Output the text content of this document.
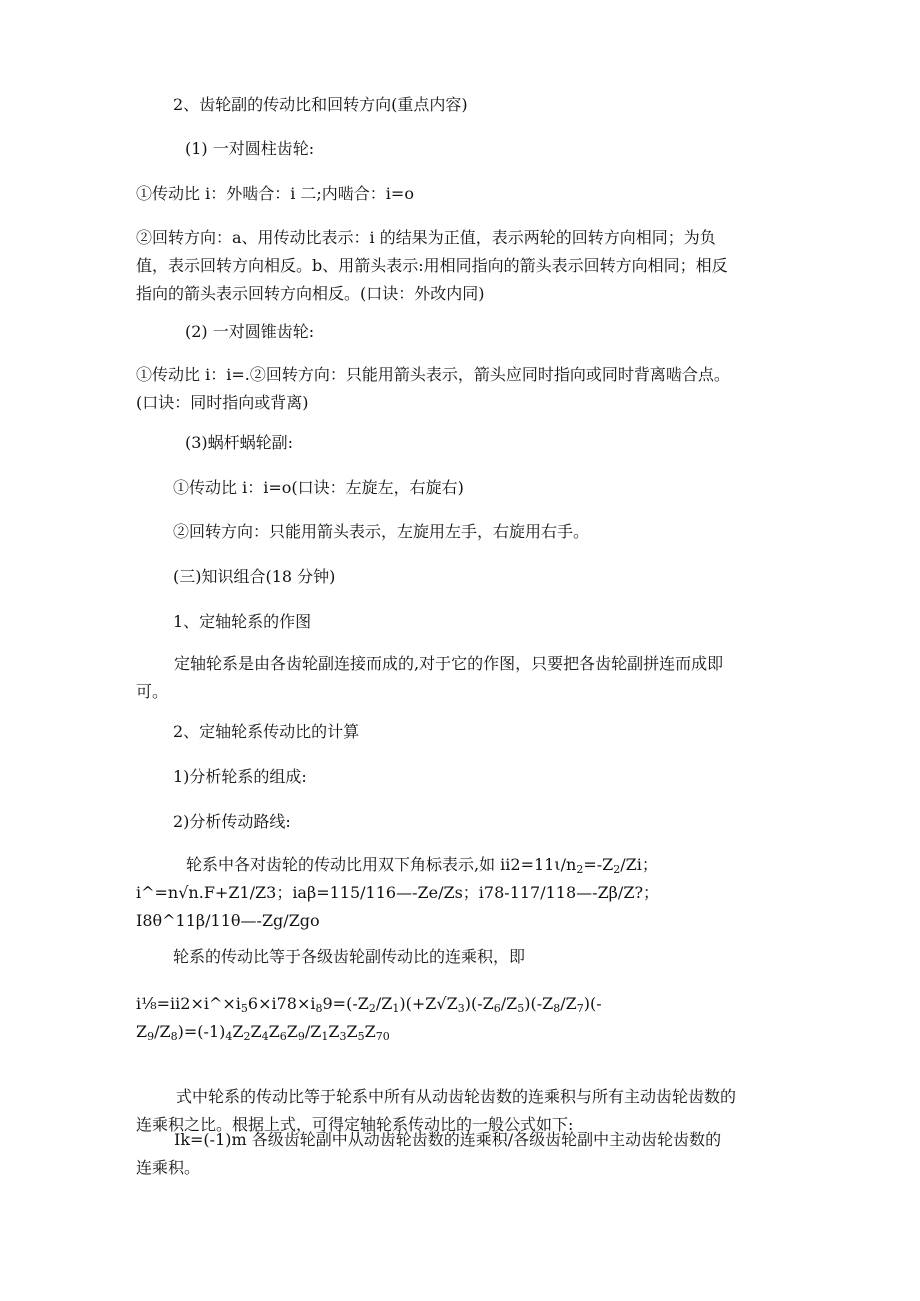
2、齿轮副的传动比和回转方向(重点内容)
(1) 一对圆柱齿轮:
①传动比 i：外啮合：i 二;内啮合：i=o
②回转方向：a、用传动比表示：i 的结果为正值，表示两轮的回转方向相同；为负
值，表示回转方向相反。b、用箭头表示:用相同指向的箭头表示回转方向相同；相反
指向的箭头表示回转方向相反。(口诀：外改内同)
(2) 一对圆锥齿轮:
①传动比 i：i=.②回转方向：只能用箭头表示，箭头应同时指向或同时背离啮合点。
(口诀：同时指向或背离)
(3)蜗杆蜗轮副:
①传动比 i：i=o(口诀：左旋左，右旋右)
②回转方向：只能用箭头表示，左旋用左手，右旋用右手。
(三)知识组合(18 分钟)
1、定轴轮系的作图
定轴轮系是由各齿轮副连接而成的,对于它的作图，只要把各齿轮副拼连而成即
可。
2、定轴轮系传动比的计算
1)分析轮系的组成:
2)分析传动路线:
轮系中各对齿轮的传动比用双下角标表示,如 $ii2=11\iota/n_2=-Z_2/Zi$；
i^=n√n.F+Z1/Z3；iaβ=115/116—-Ze/Zs；i78-117/118—-Zβ/Z?；
I8θ^11β/11θ—-Zg/Zgo
轮系的传动比等于各级齿轮副传动比的连乘积，即
$i\frac{1}{8}=ii2\times i\^{}\times i_56\times i78\times i_89=(-Z_2/Z_1)(+Z√Z_3)(-Z_6/Z_5)(-Z_8/Z_7)(-$
$Z_9/Z_8)=(-1)_4Z_2Z_4Z_6Z_9/Z_1Z_3Z_5Z_{70}$
式中轮系的传动比等于轮系中所有从动齿轮齿数的连乘积与所有主动齿轮齿数的
连乘积之比。根据上式，可得定轴轮系传动比的一般公式如下:
Ik=(-1)m 各级齿轮副中从动齿轮齿数的连乘积/各级齿轮副中主动齿轮齿数的
连乘积。
